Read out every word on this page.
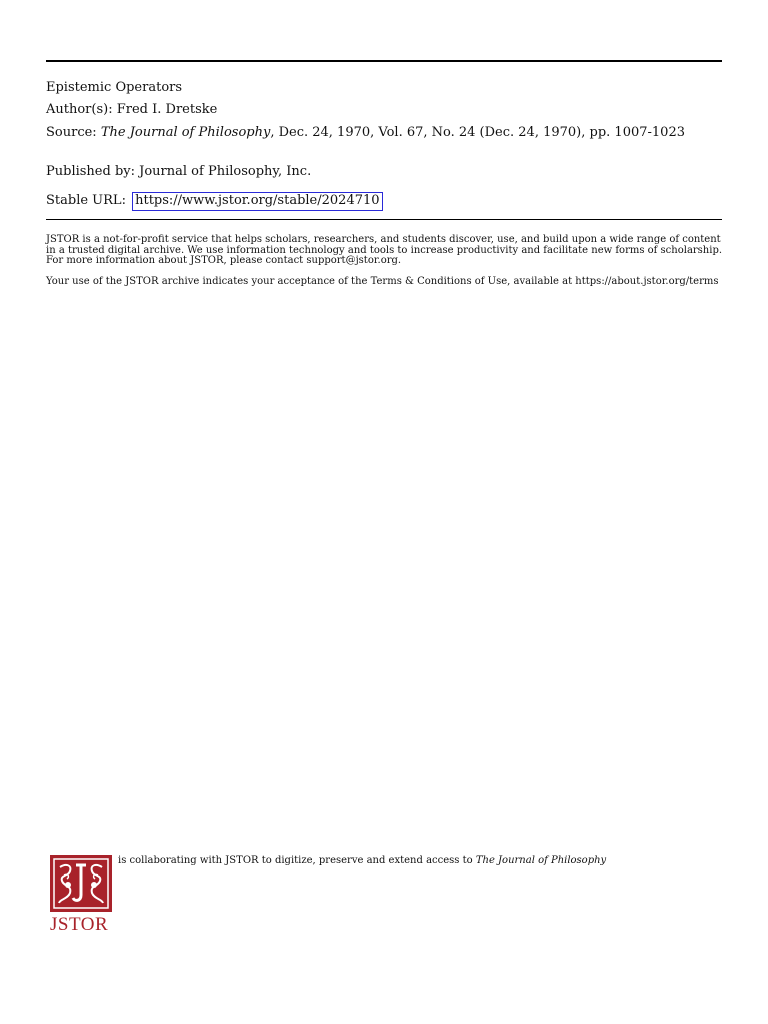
Epistemic Operators
Author(s): Fred I. Dretske
Source: The Journal of Philosophy, Dec. 24, 1970, Vol. 67, No. 24 (Dec. 24, 1970), pp. 1007-1023
Published by: Journal of Philosophy, Inc.
Stable URL: https://www.jstor.org/stable/2024710
JSTOR is a not-for-profit service that helps scholars, researchers, and students discover, use, and build upon a wide range of content in a trusted digital archive. We use information technology and tools to increase productivity and facilitate new forms of scholarship. For more information about JSTOR, please contact support@jstor.org.
Your use of the JSTOR archive indicates your acceptance of the Terms & Conditions of Use, available at https://about.jstor.org/terms
JSTOR
is collaborating with JSTOR to digitize, preserve and extend access to The Journal of Philosophy
